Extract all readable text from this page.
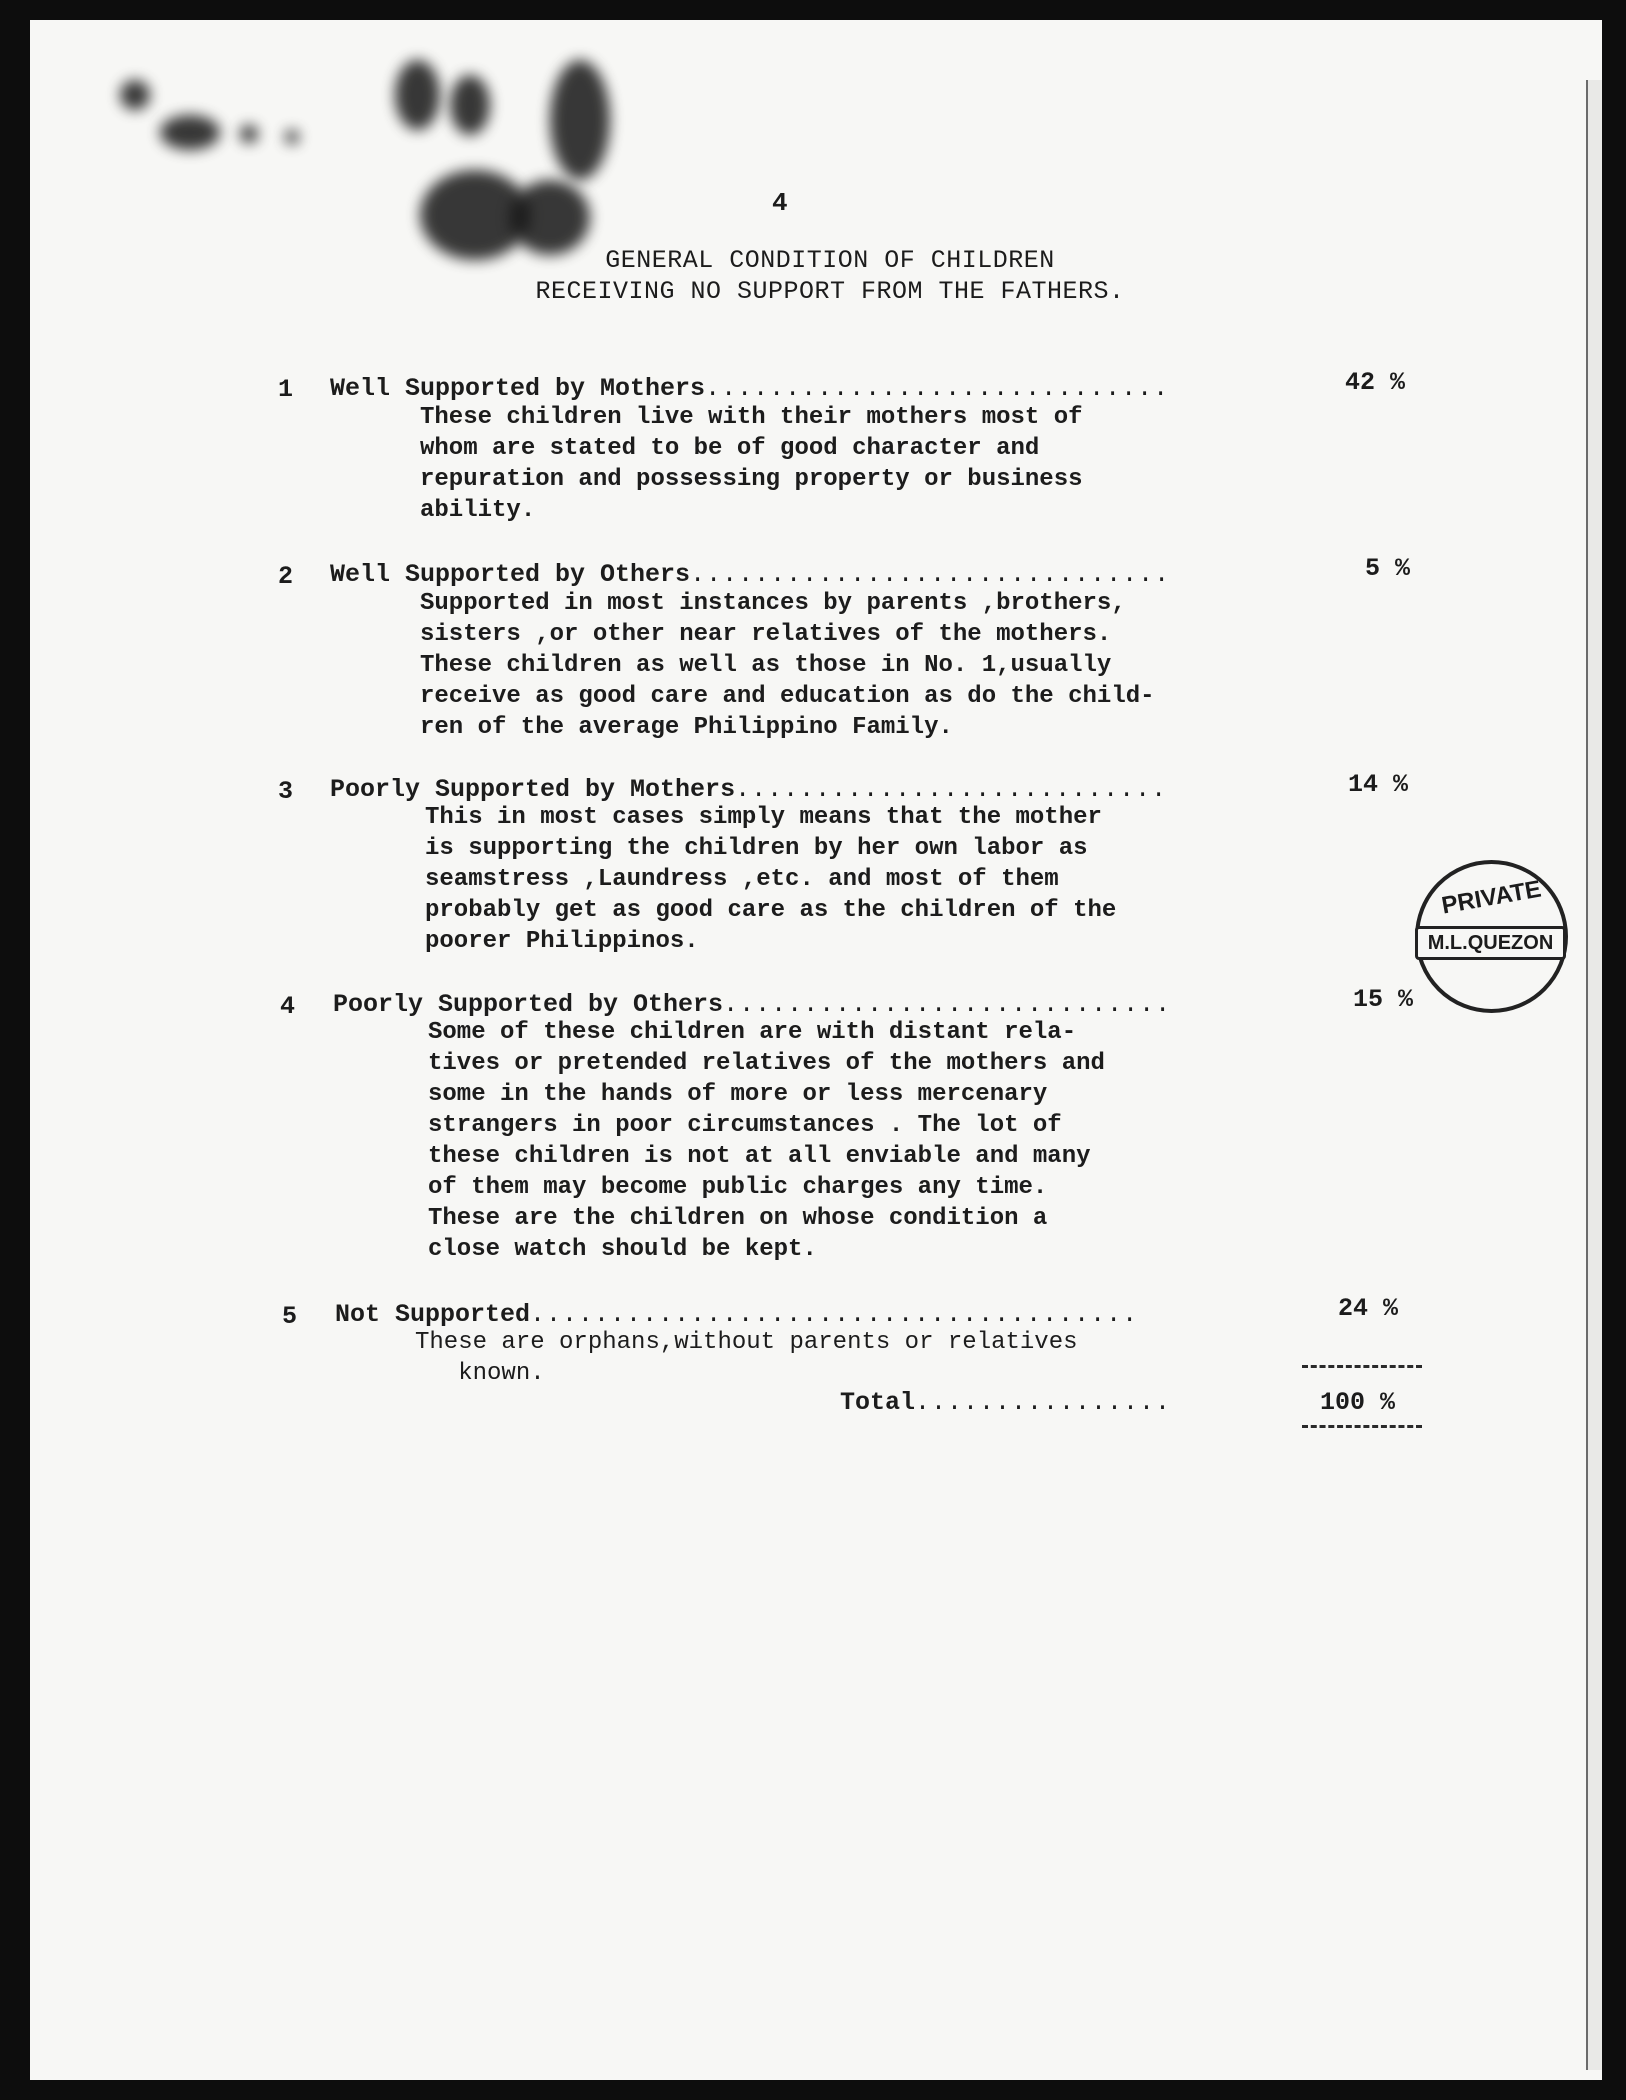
4
GENERAL CONDITION OF CHILDREN
RECEIVING NO SUPPORT FROM THE FATHERS.
1 Well Supported by Mothers.............................	42 %
These children live with their mothers most of
whom are stated to be of good character and
repuration and possessing property or business
ability.
2 Well Supported by Others..............................	5 %
Supported in most instances by parents ,brothers,
sisters ,or other near relatives of the mothers.
These children as well as those in No. 1,usually
receive as good care and education as do the child-
ren of the average Philippino Family.
3 Poorly Supported by Mothers...........................	14 %
This in most cases simply means that the mother
is supporting the children by her own labor as
seamstress ,Laundress ,etc. and most of them
probably get as good care as the children of the
poorer Philippinos.
4 Poorly Supported by Others............................	15 %
Some of these children are with distant rela-
tives or pretended relatives of the mothers and
some in the hands of more or less mercenary
strangers in poor circumstances . The lot of
these children is not at all enviable and many
of them may become public charges any time.
These are the children on whose condition a
close watch should be kept.
5 Not Supported......................................	24 %
These are orphans,without parents or relatives
known.
Total................	100 %
PRIVATE
M.L.QUEZON
